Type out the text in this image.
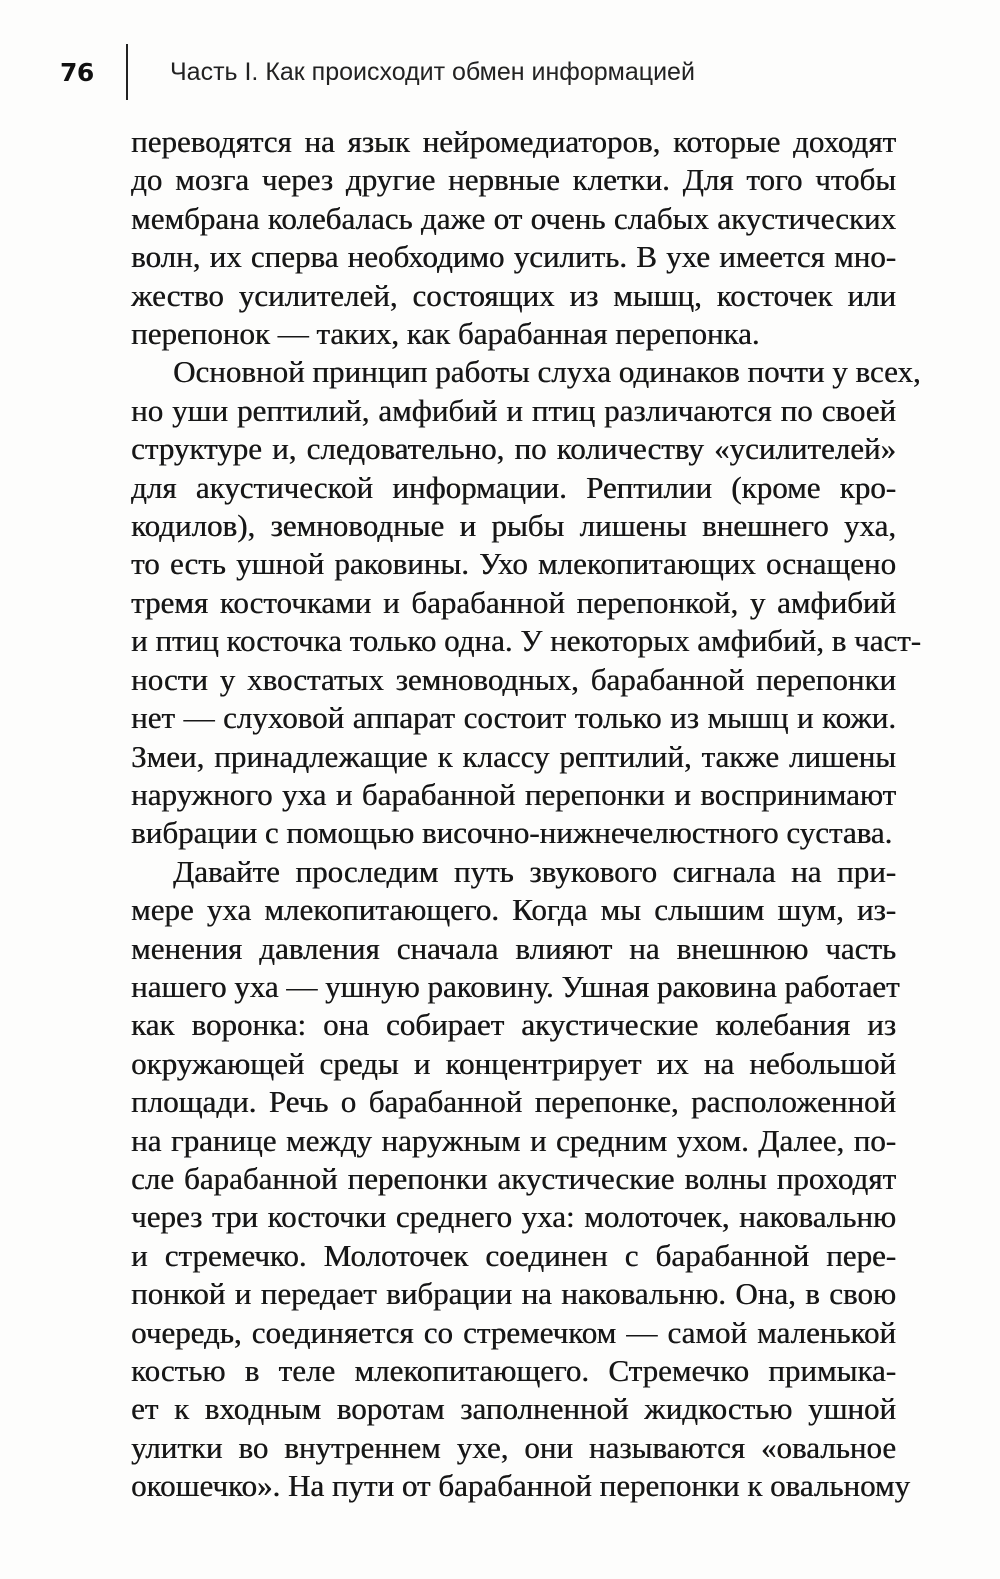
76	Часть I. Как происходит обмен информацией

переводятся на язык нейромедиаторов, которые доходят
до мозга через другие нервные клетки. Для того чтобы
мембрана колебалась даже от очень слабых акустических
волн, их сперва необходимо усилить. В ухе имеется мно-
жество усилителей, состоящих из мышц, косточек или
перепонок — таких, как барабанная перепонка.

Основной принцип работы слуха одинаков почти у всех,
но уши рептилий, амфибий и птиц различаются по своей
структуре и, следовательно, по количеству «усилителей»
для акустической информации. Рептилии (кроме кро-
кодилов), земноводные и рыбы лишены внешнего уха,
то есть ушной раковины. Ухо млекопитающих оснащено
тремя косточками и барабанной перепонкой, у амфибий
и птиц косточка только одна. У некоторых амфибий, в част-
ности у хвостатых земноводных, барабанной перепонки
нет — слуховой аппарат состоит только из мышц и кожи.
Змеи, принадлежащие к классу рептилий, также лишены
наружного уха и барабанной перепонки и воспринимают
вибрации с помощью височно-нижнечелюстного сустава.

Давайте проследим путь звукового сигнала на при-
мере уха млекопитающего. Когда мы слышим шум, из-
менения давления сначала влияют на внешнюю часть
нашего уха — ушную раковину. Ушная раковина работает
как воронка: она собирает акустические колебания из
окружающей среды и концентрирует их на небольшой
площади. Речь о барабанной перепонке, расположенной
на границе между наружным и средним ухом. Далее, по-
сле барабанной перепонки акустические волны проходят
через три косточки среднего уха: молоточек, наковальню
и стремечко. Молоточек соединен с барабанной пере-
понкой и передает вибрации на наковальню. Она, в свою
очередь, соединяется со стремечком — самой маленькой
костью в теле млекопитающего. Стремечко примыка-
ет к входным воротам заполненной жидкостью ушной
улитки во внутреннем ухе, они называются «овальное
окошечко». На пути от барабанной перепонки к овальному
